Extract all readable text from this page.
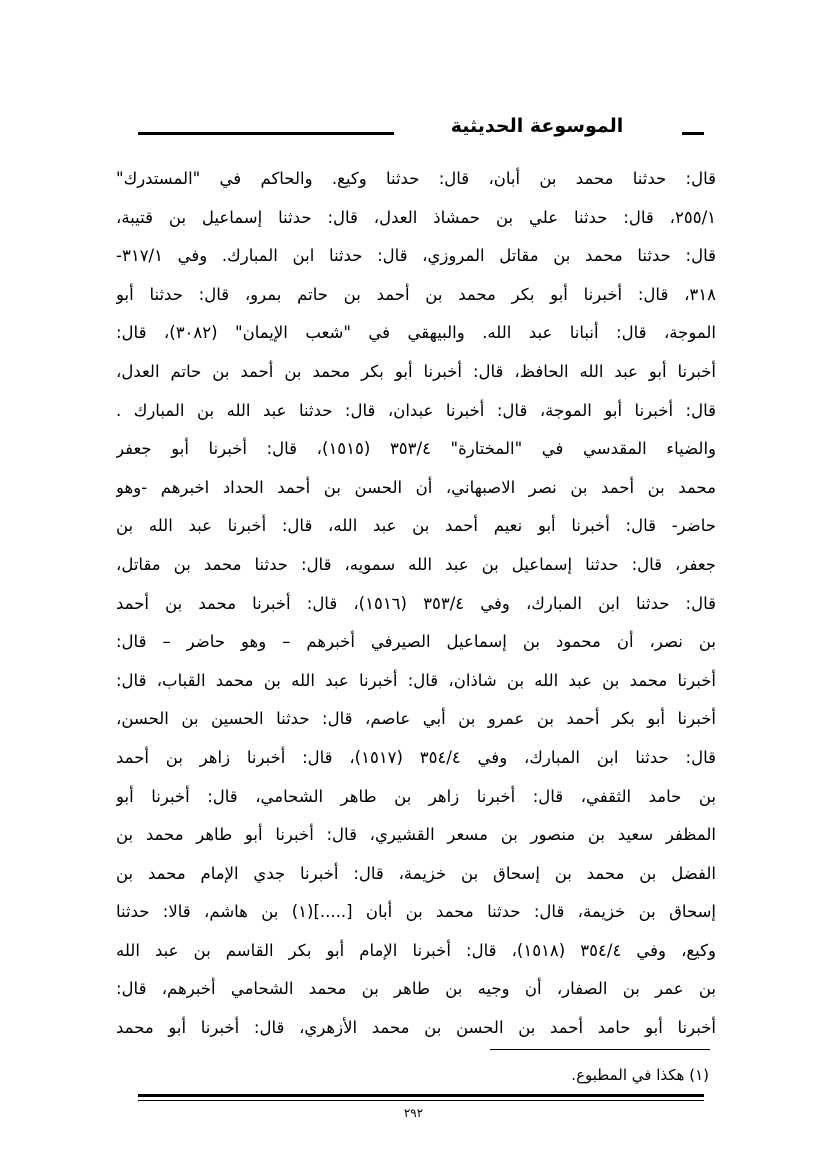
الموسوعة الحديثية
قال: حدثنا محمد بن أبان، قال: حدثنا وكيع. والحاكم في "المستدرك"
٢٥٥/١، قال: حدثنا علي بن حمشاذ العدل، قال: حدثنا إسماعيل بن قتيبة،
قال: حدثنا محمد بن مقاتل المروزي، قال: حدثنا ابن المبارك. وفي ٣١٧/١-
٣١٨، قال: أخبرنا أبو بكر محمد بن أحمد بن حاتم بمرو، قال: حدثنا أبو
الموجة، قال: أنبانا عبد الله. والبيهقي في "شعب الإيمان" (٣٠٨٢)، قال:
أخبرنا أبو عبد الله الحافظ، قال: أخبرنا أبو بكر محمد بن أحمد بن حاتم العدل،
قال: أخبرنا أبو الموجة، قال: أخبرنا عبدان، قال: حدثنا عبد الله بن المبارك .
والضياء المقدسي في "المختارة" ٣٥٣/٤ (١٥١٥)، قال: أخبرنا أبو جعفر
محمد بن أحمد بن نصر الاصبهاني، أن الحسن بن أحمد الحداد اخبرهم -وهو
حاضر- قال: أخبرنا أبو نعيم أحمد بن عبد الله، قال: أخبرنا عبد الله بن
جعفر، قال: حدثنا إسماعيل بن عبد الله سمويه، قال: حدثنا محمد بن مقاتل،
قال: حدثنا ابن المبارك، وفي ٣٥٣/٤ (١٥١٦)، قال: أخبرنا محمد بن أحمد
بن نصر، أن محمود بن إسماعيل الصيرفي أخبرهم – وهو حاضر – قال:
أخبرنا محمد بن عبد الله بن شاذان، قال: أخبرنا عبد الله بن محمد القباب، قال:
أخبرنا أبو بكر أحمد بن عمرو بن أبي عاصم، قال: حدثنا الحسين بن الحسن،
قال: حدثنا ابن المبارك، وفي ٣٥٤/٤ (١٥١٧)، قال: أخبرنا زاهر بن أحمد
بن حامد الثقفي، قال: أخبرنا زاهر بن طاهر الشحامي، قال: أخبرنا أبو
المظفر سعيد بن منصور بن مسعر القشيري، قال: أخبرنا أبو طاهر محمد بن
الفضل بن محمد بن إسحاق بن خزيمة، قال: أخبرنا جدي الإمام محمد بن
إسحاق بن خزيمة، قال: حدثنا محمد بن أبان [.....](١) بن هاشم، قالا: حدثنا
وكيع، وفي ٣٥٤/٤ (١٥١٨)، قال: أخبرنا الإمام أبو بكر القاسم بن عبد الله
بن عمر بن الصفار، أن وجيه بن طاهر بن محمد الشحامي أخبرهم، قال:
أخبرنا أبو حامد أحمد بن الحسن بن محمد الأزهري، قال: أخبرنا أبو محمد
(١) هكذا في المطبوع.
٢٩٢
